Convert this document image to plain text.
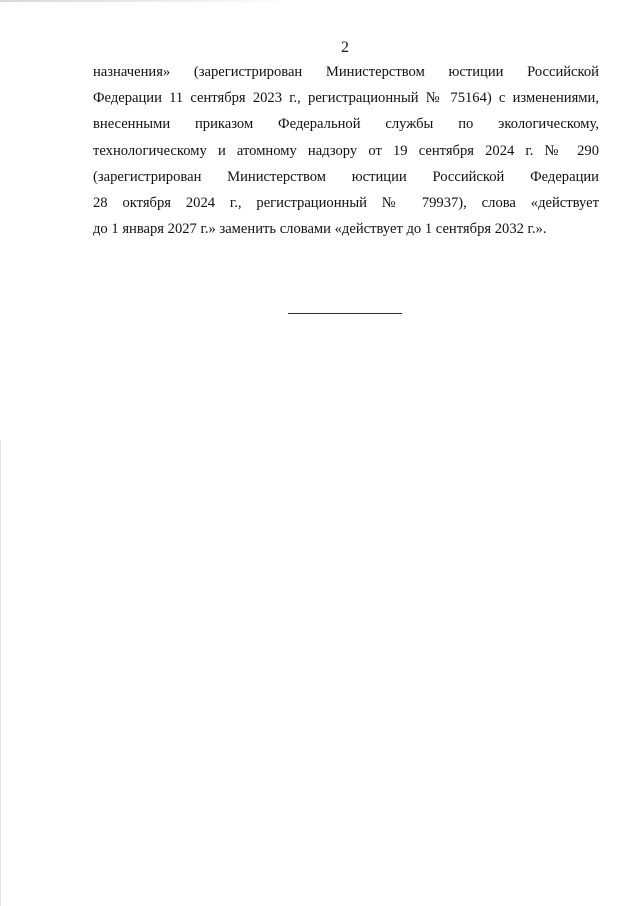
2
назначения» (зарегистрирован Министерством юстиции Российской
Федерации 11 сентября 2023 г., регистрационный № 75164) с изменениями,
внесенными приказом Федеральной службы по экологическому,
технологическому и атомному надзору от 19 сентября 2024 г. № 290
(зарегистрирован Министерством юстиции Российской Федерации
28 октября 2024 г., регистрационный № 79937), слова «действует
до 1 января 2027 г.» заменить словами «действует до 1 сентября 2032 г.».
